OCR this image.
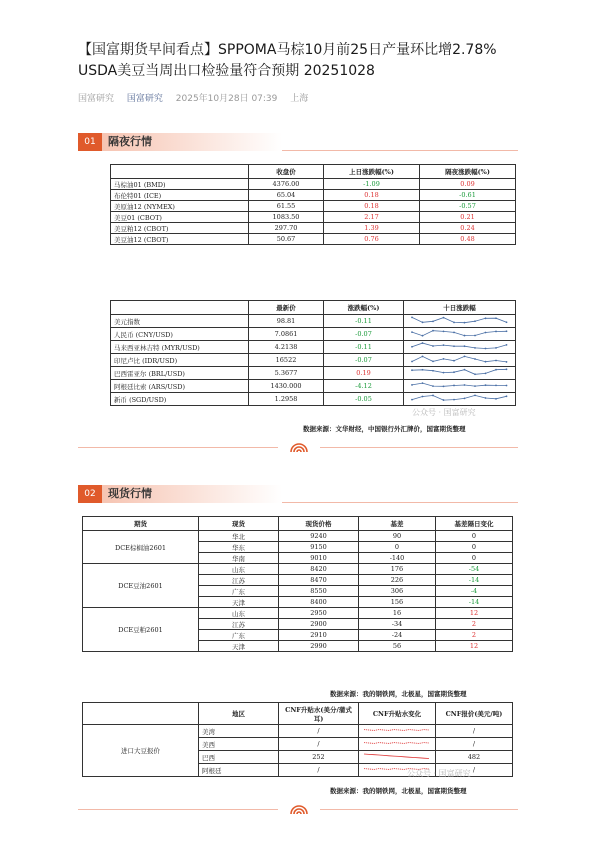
【国富期货早间看点】SPPOMA马棕10月前25日产量环比增2.78% USDA美豆当周出口检验量符合预期 20251028
国富研究 国富研究 2025年10月28日 07:39 上海
01	隔夜行情
	收盘价	上日涨跌幅(%)	隔夜涨跌幅(%)
马棕油01 (BMD)	4376.00	-1.09	0.09
布伦特01 (ICE)	65.04	0.18	-0.61
美原油12 (NYMEX)	61.55	0.18	-0.57
美豆01 (CBOT)	1083.50	2.17	0.21
美豆粕12 (CBOT)	297.70	1.39	0.24
美豆油12 (CBOT)	50.67	0.76	0.48
	最新价	涨跌幅(%)	十日涨跌幅
美元指数	98.81	-0.11	
人民币 (CNY/USD)	7.0861	-0.07	
马来西亚林吉特 (MYR/USD)	4.2138	-0.11	
印尼卢比 (IDR/USD)	16522	-0.07	
巴西雷亚尔 (BRL/USD)	5.3677	0.19	
阿根廷比索 (ARS/USD)	1430.000	-4.12	
新币 (SGD/USD)	1.2958	-0.05	
数据来源：文华财经，中国银行外汇牌价，国富期货整理
公众号 · 国富研究
02	现货行情
期货	现货	现货价格	基差	基差隔日变化
DCE棕榈油2601	华北	9240	90	0
	华东	9150	0	0
	华南	9010	-140	0
DCE豆油2601	山东	8420	176	-54
	江苏	8470	226	-14
	广东	8550	306	-4
	天津	8400	156	-14
DCE豆粕2601	山东	2950	16	12
	江苏	2900	-34	2
	广东	2910	-24	2
	天津	2990	56	12
数据来源：我的钢铁网，北极星，国富期货整理
	地区	CNF升贴水(美分/蒲式耳)	CNF升贴水变化	CNF报价(美元/吨)
进口大豆报价	美湾	/		/
	美西	/		/
	巴西	252		482
	阿根廷	/		/
数据来源：我的钢铁网，北极星，国富期货整理
公众号 · 国富研究
